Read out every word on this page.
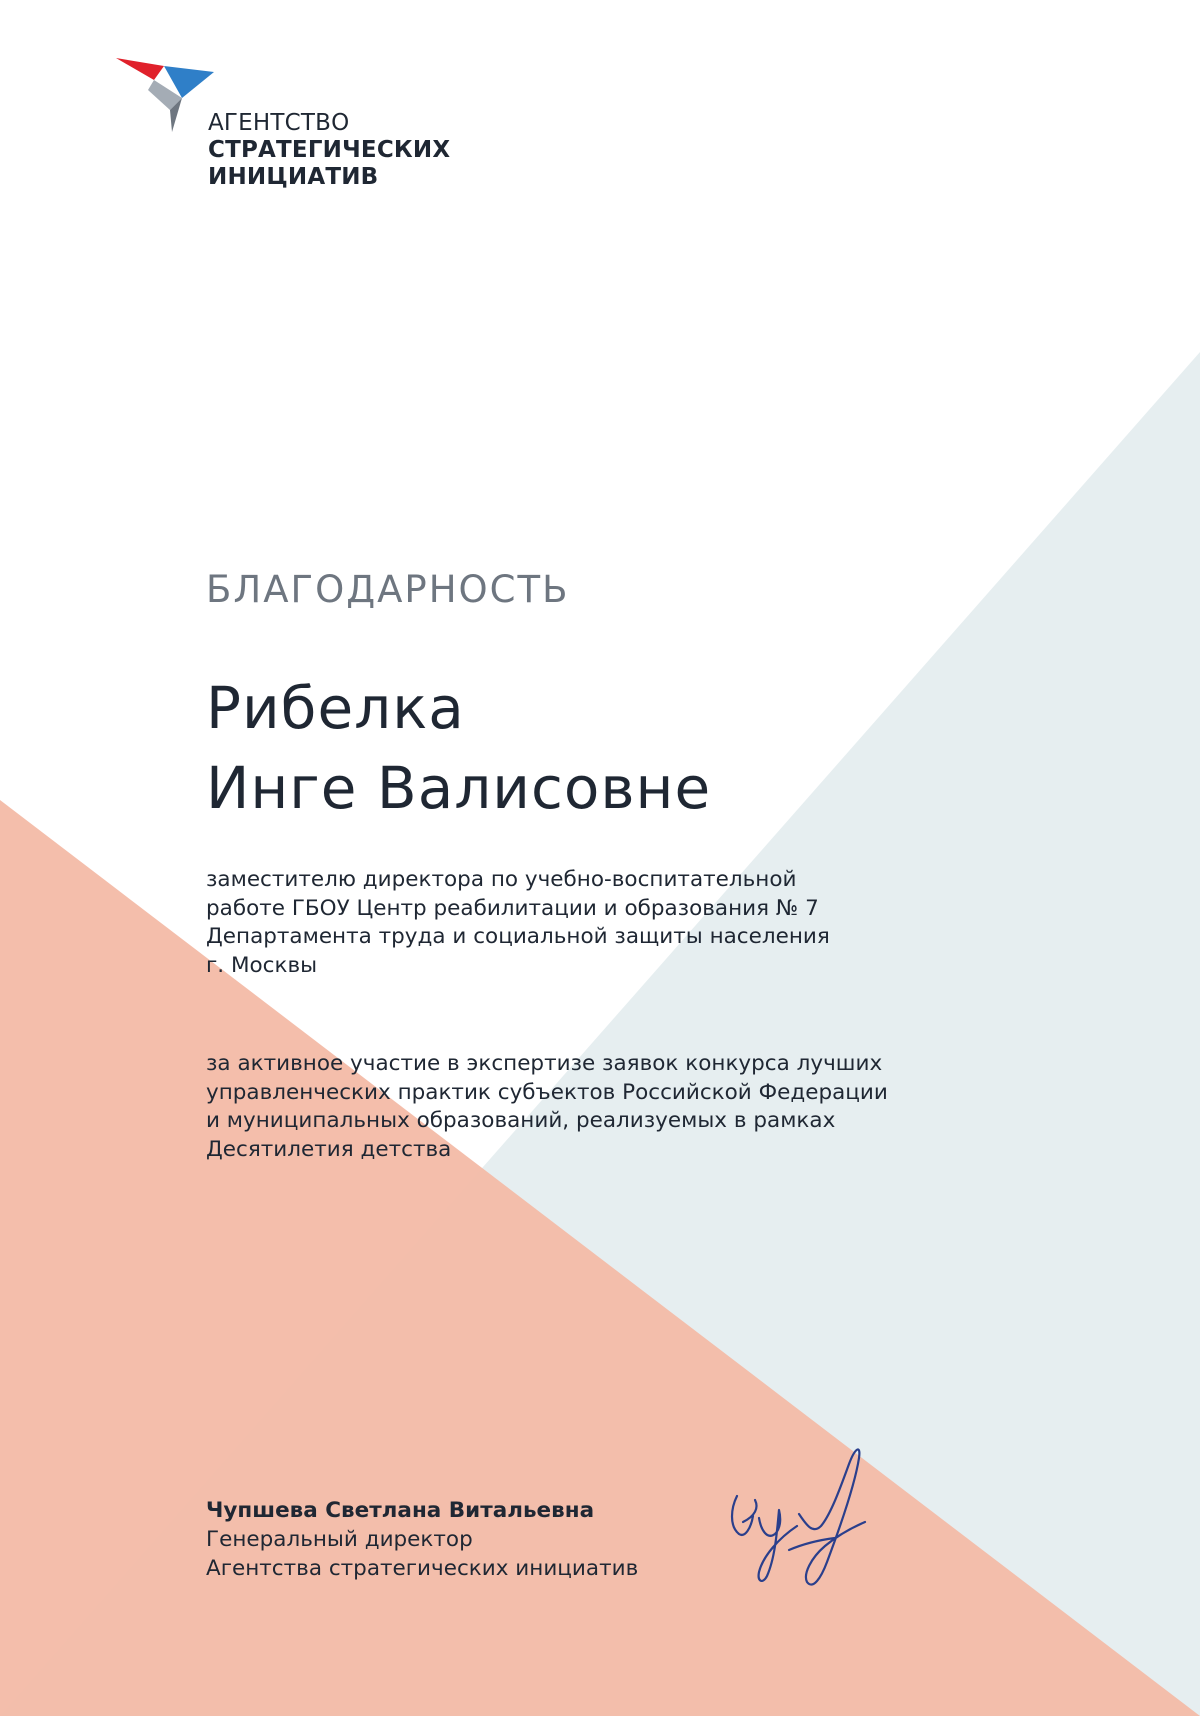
АГЕНТСТВО
СТРАТЕГИЧЕСКИХ
ИНИЦИАТИВ
БЛАГОДАРНОСТЬ
Рибелка
Инге Валисовне
заместителю директора по учебно-воспитательной
работе ГБОУ Центр реабилитации и образования № 7
Департамента труда и социальной защиты населения
г. Москвы
за активное участие в экспертизе заявок конкурса лучших
управленческих практик субъектов Российской Федерации
и муниципальных образований, реализуемых в рамках
Десятилетия детства
Чупшева Светлана Витальевна
Генеральный директор
Агентства стратегических инициатив
